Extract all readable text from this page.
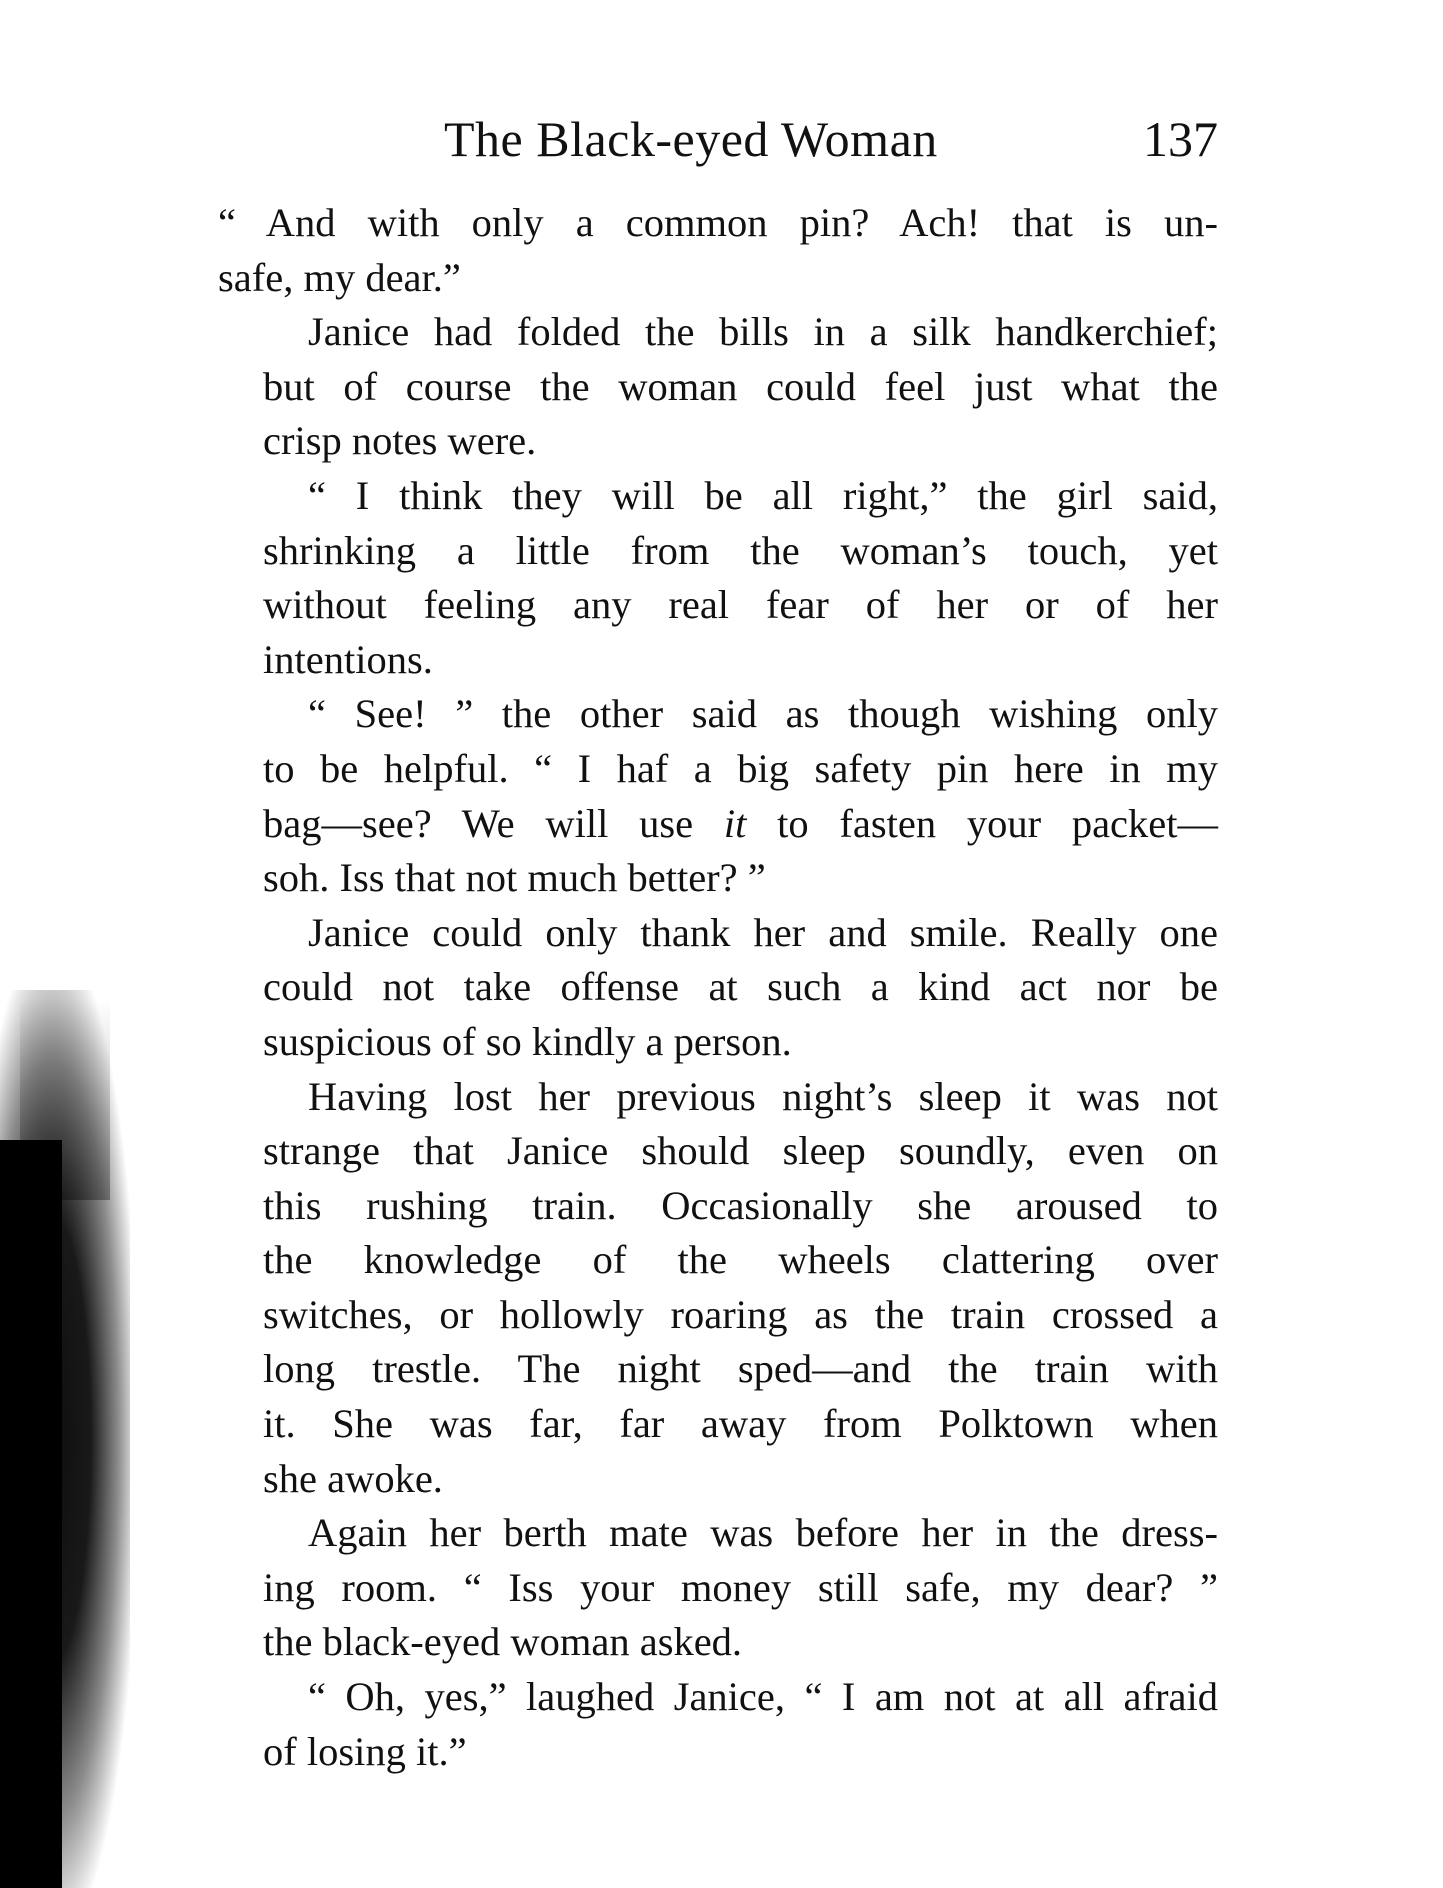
The Black-eyed Woman	137

“ And with only a common pin? Ach! that is un-
safe, my dear.”

Janice had folded the bills in a silk handkerchief;
but of course the woman could feel just what the
crisp notes were.

“ I think they will be all right,” the girl said,
shrinking a little from the woman’s touch, yet
without feeling any real fear of her or of her
intentions.

“ See! ” the other said as though wishing only
to be helpful. “ I haf a big safety pin here in my
bag—see? We will use it to fasten your packet—
soh. Iss that not much better? ”

Janice could only thank her and smile. Really one
could not take offense at such a kind act nor be
suspicious of so kindly a person.

Having lost her previous night’s sleep it was not
strange that Janice should sleep soundly, even on
this rushing train. Occasionally she aroused to
the knowledge of the wheels clattering over
switches, or hollowly roaring as the train crossed a
long trestle. The night sped—and the train with
it. She was far, far away from Polktown when
she awoke.

Again her berth mate was before her in the dress-
ing room. “ Iss your money still safe, my dear? ”
the black-eyed woman asked.

“ Oh, yes,” laughed Janice, “ I am not at all afraid
of losing it.”
